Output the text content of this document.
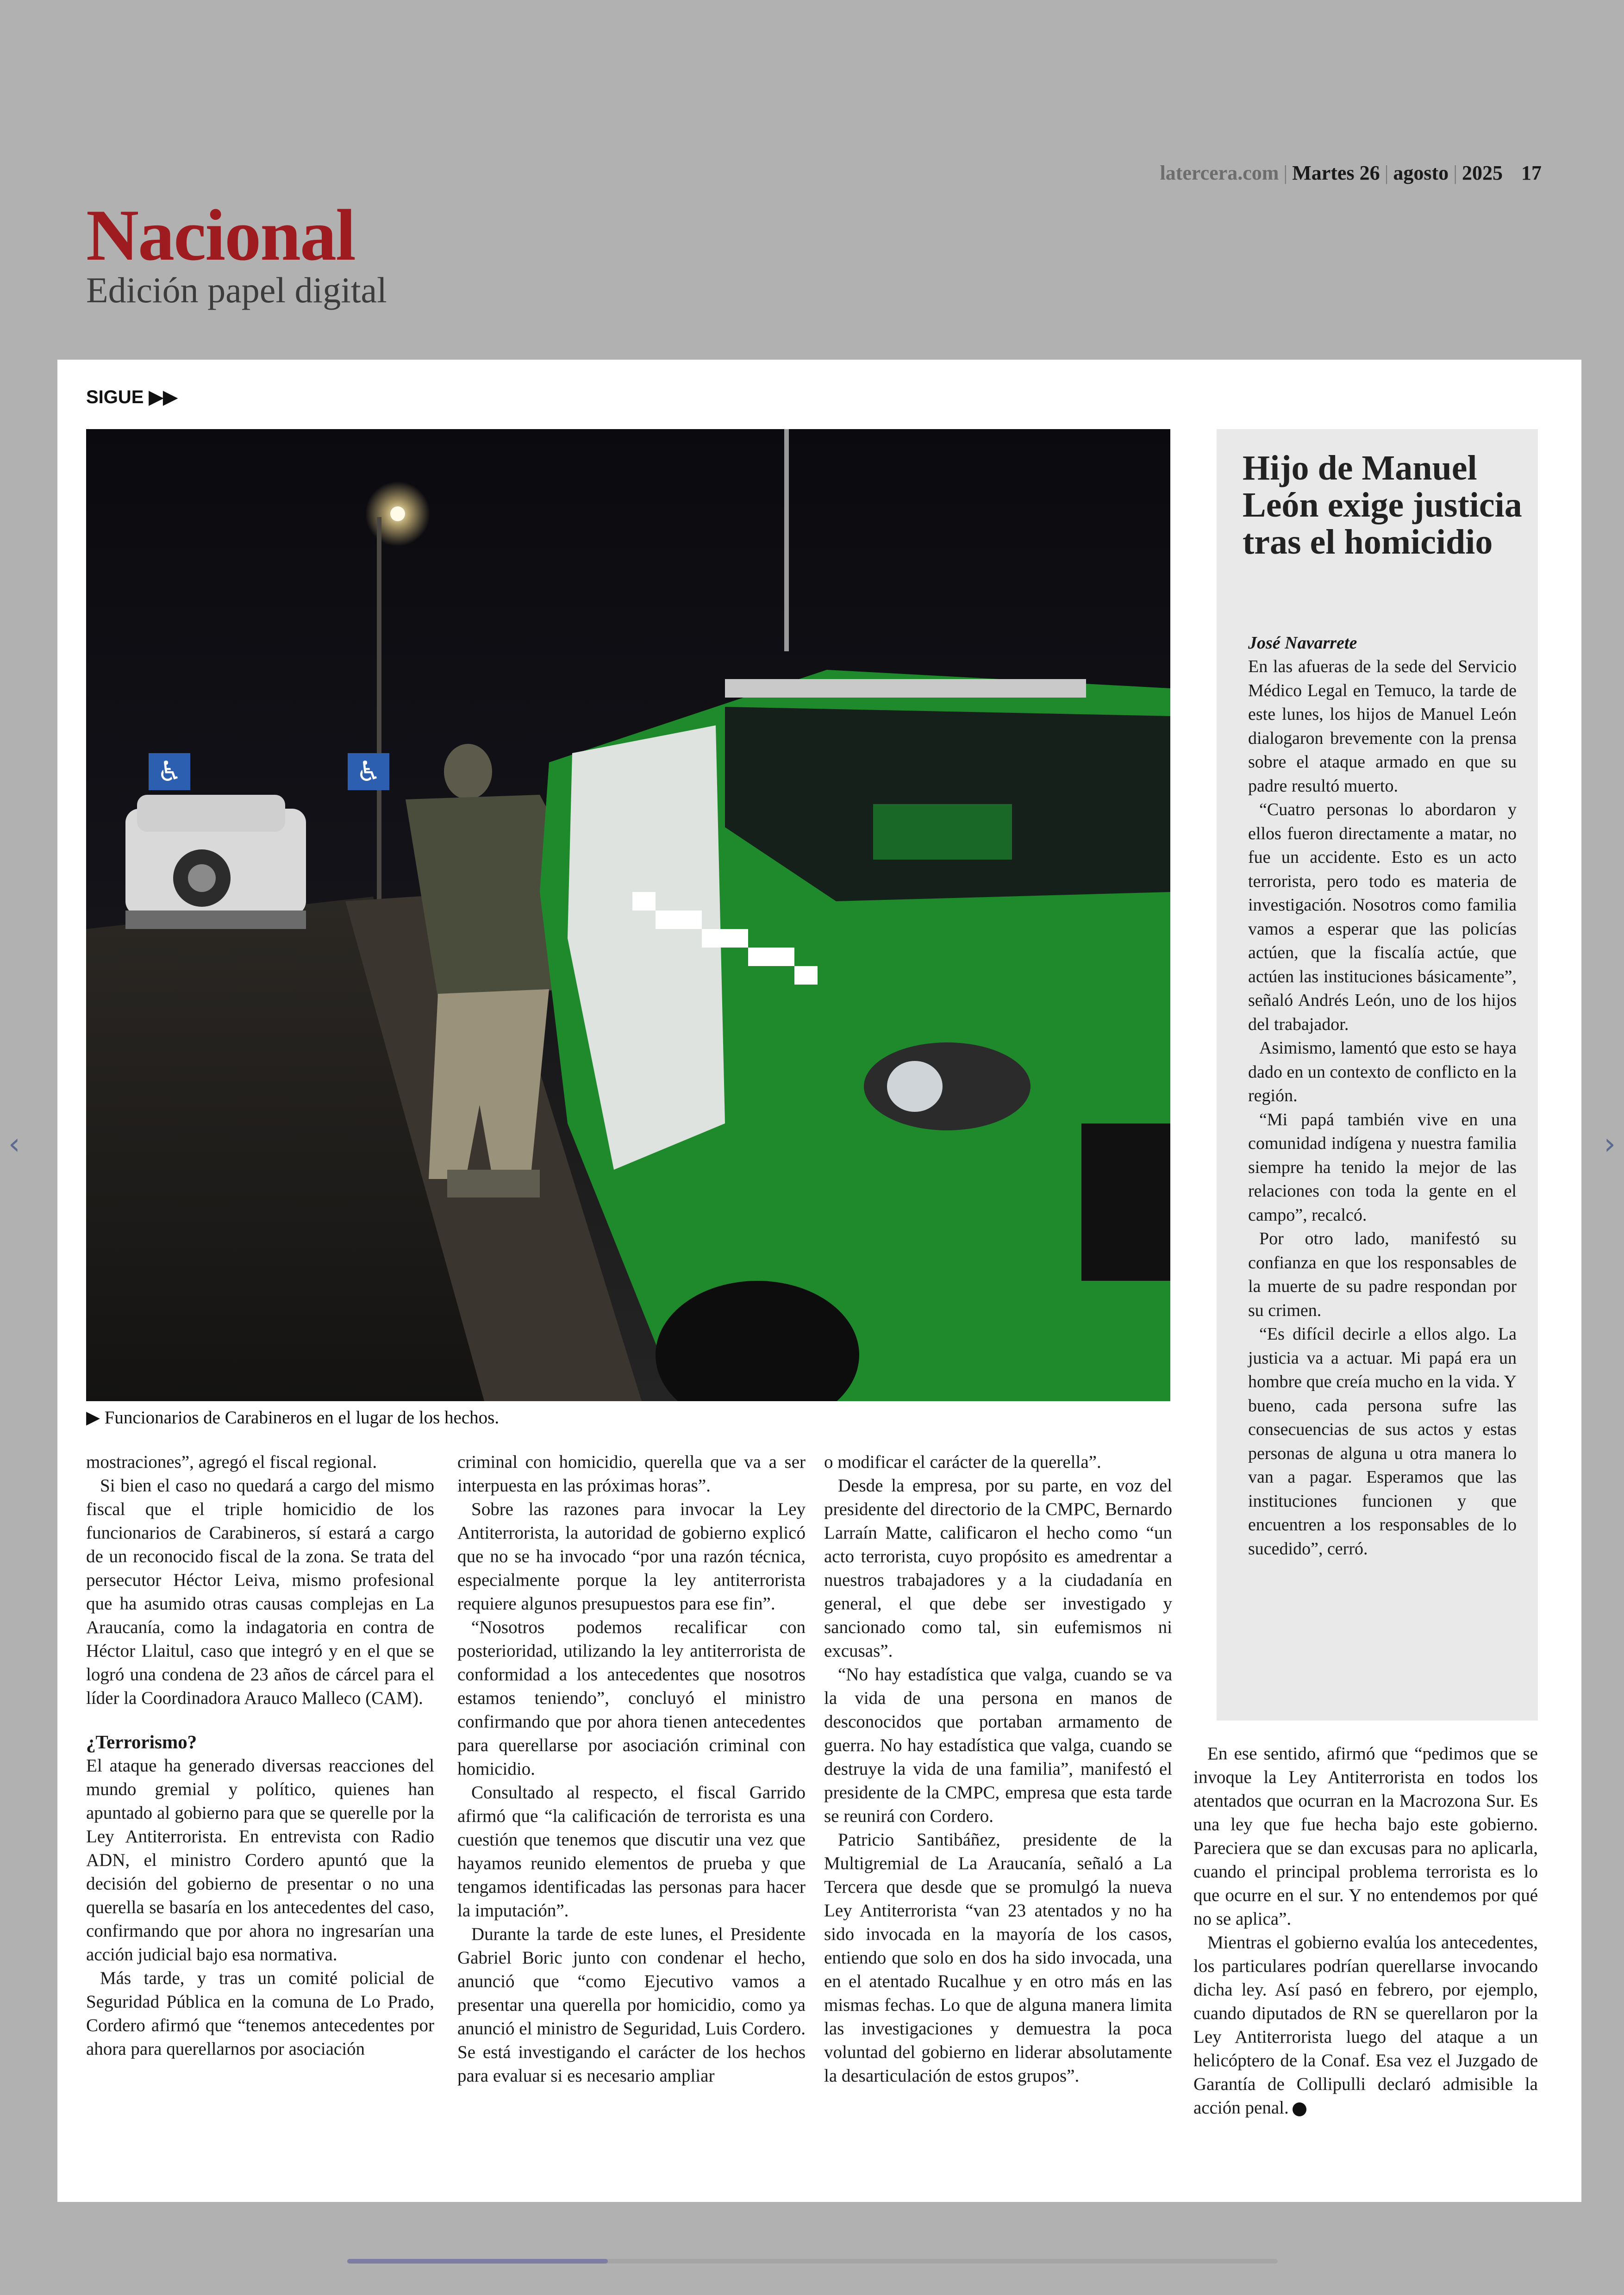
latercera.com | Martes 26 | agosto | 2025 17
Nacional
Edición papel digital
‹	›
SIGUE ▶▶
♿	♿
▶ Funcionarios de Carabineros en el lugar de los hechos.

mostraciones”, agregó el fiscal regional.

Si bien el caso no quedará a cargo del mismo fiscal que el triple homicidio de los funcionarios de Carabineros, sí estará a cargo de un reconocido fiscal de la zona. Se trata del persecutor Héctor Leiva, mismo profesional que ha asumido otras causas complejas en La Araucanía, como la indagatoria en contra de Héctor Llaitul, caso que integró y en el que se logró una condena de 23 años de cárcel para el líder la Coordinadora Arauco Malleco (CAM).

¿Terrorismo?

El ataque ha generado diversas reacciones del mundo gremial y político, quienes han apuntado al gobierno para que se querelle por la Ley Antiterrorista. En entrevista con Radio ADN, el ministro Cordero apuntó que la decisión del gobierno de presentar o no una querella se basaría en los antecedentes del caso, confirmando que por ahora no ingresarían una acción judicial bajo esa normativa.

Más tarde, y tras un comité policial de Seguridad Pública en la comuna de Lo Prado, Cordero afirmó que “tenemos antecedentes por ahora para querellarnos por asociación

criminal con homicidio, querella que va a ser interpuesta en las próximas horas”.

Sobre las razones para invocar la Ley Antiterrorista, la autoridad de gobierno explicó que no se ha invocado “por una razón técnica, especialmente porque la ley antiterrorista requiere algunos presupuestos para ese fin”.

“Nosotros podemos recalificar con posterioridad, utilizando la ley antiterrorista de conformidad a los antecedentes que nosotros estamos teniendo”, concluyó el ministro confirmando que por ahora tienen antecedentes para querellarse por asociación criminal con homicidio.

Consultado al respecto, el fiscal Garrido afirmó que “la calificación de terrorista es una cuestión que tenemos que discutir una vez que hayamos reunido elementos de prueba y que tengamos identificadas las personas para hacer la imputación”.

Durante la tarde de este lunes, el Presidente Gabriel Boric junto con condenar el hecho, anunció que “como Ejecutivo vamos a presentar una querella por homicidio, como ya anunció el ministro de Seguridad, Luis Cordero. Se está investigando el carácter de los hechos para evaluar si es necesario ampliar

o modificar el carácter de la querella”.

Desde la empresa, por su parte, en voz del presidente del directorio de la CMPC, Bernardo Larraín Matte, calificaron el hecho como “un acto terrorista, cuyo propósito es amedrentar a nuestros trabajadores y a la ciudadanía en general, el que debe ser investigado y sancionado como tal, sin eufemismos ni excusas”.

“No hay estadística que valga, cuando se va la vida de una persona en manos de desconocidos que portaban armamento de guerra. No hay estadística que valga, cuando se destruye la vida de una familia”, manifestó el presidente de la CMPC, empresa que esta tarde se reunirá con Cordero.

Patricio Santibáñez, presidente de la Multigremial de La Araucanía, señaló a La Tercera que desde que se promulgó la nueva Ley Antiterrorista “van 23 atentados y no ha sido invocada en la mayoría de los casos, entiendo que solo en dos ha sido invocada, una en el atentado Rucalhue y en otro más en las mismas fechas. Lo que de alguna manera limita las investigaciones y demuestra la poca voluntad del gobierno en liderar absolutamente la desarticulación de estos grupos”.

En ese sentido, afirmó que “pedimos que se invoque la Ley Antiterrorista en todos los atentados que ocurran en la Macrozona Sur. Es una ley que fue hecha bajo este gobierno. Pareciera que se dan excusas para no aplicarla, cuando el principal problema terrorista es lo que ocurre en el sur. Y no entendemos por qué no se aplica”.

Mientras el gobierno evalúa los antecedentes, los particulares podrían querellarse invocando dicha ley. Así pasó en febrero, por ejemplo, cuando diputados de RN se querellaron por la Ley Antiterrorista luego del ataque a un helicóptero de la Conaf. Esa vez el Juzgado de Garantía de Collipulli declaró admisible la acción penal.

Hijo de Manuel León exige justicia tras el homicidio
José Navarrete

En las afueras de la sede del Servicio Médico Legal en Temuco, la tarde de este lunes, los hijos de Manuel León dialogaron brevemente con la prensa sobre el ataque armado en que su padre resultó muerto.

“Cuatro personas lo abordaron y ellos fueron directamente a matar, no fue un accidente. Esto es un acto terrorista, pero todo es materia de investigación. Nosotros como familia vamos a esperar que las policías actúen, que la fiscalía actúe, que actúen las instituciones básicamente”, señaló Andrés León, uno de los hijos del trabajador.

Asimismo, lamentó que esto se haya dado en un contexto de conflicto en la región.

“Mi papá también vive en una comunidad indígena y nuestra familia siempre ha tenido la mejor de las relaciones con toda la gente en el campo”, recalcó.

Por otro lado, manifestó su confianza en que los responsables de la muerte de su padre respondan por su crimen.

“Es difícil decirle a ellos algo. La justicia va a actuar. Mi papá era un hombre que creía mucho en la vida. Y bueno, cada persona sufre las consecuencias de sus actos y estas personas de alguna u otra manera lo van a pagar. Esperamos que las instituciones funcionen y que encuentren a los responsables de lo sucedido”, cerró.
